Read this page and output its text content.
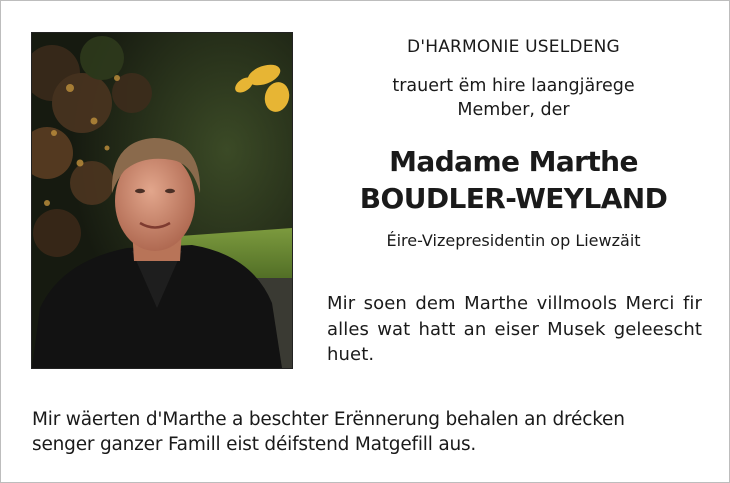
D'HARMONIE USELDENG

trauert ëm hire laangjärege
Member, der

Madame Marthe
BOUDLER-WEYLAND

Éire-Vizepresidentin op Liewzäit

Mir soen dem Marthe villmools Merci fir alles wat hatt an eiser Musek geleescht huet.

Mir wäerten d'Marthe a beschter Erënnerung behalen an drécken
senger ganzer Famill eist déifstend Matgefill aus.
